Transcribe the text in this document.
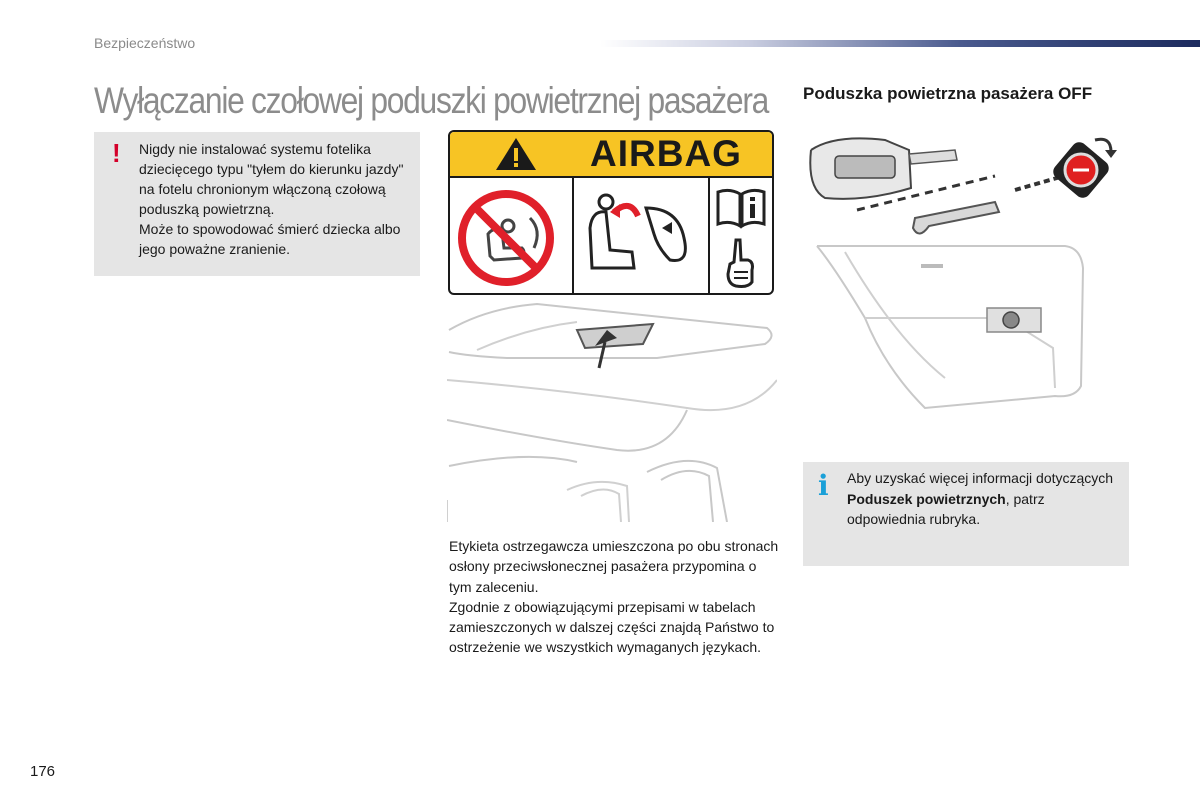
Bezpieczeństwo
Wyłączanie czołowej poduszki powietrznej pasażera Poduszka powietrzna pasażera OFF
! Nigdy nie instalować systemu fotelika dziecięcego typu "tyłem do kierunku jazdy" na fotelu chronionym włączoną czołową poduszką powietrzną.

Może to spowodować śmierć dziecka albo jego poważne zranienie.

AIRBAG

Etykieta ostrzegawcza umieszczona po obu stronach osłony przeciwsłonecznej pasażera przypomina o tym zaleceniu.

Zgodnie z obowiązującymi przepisami w tabelach zamieszczonych w dalszej części znajdą Państwo to ostrzeżenie we wszystkich wymaganych językach.

i Aby uzyskać więcej informacji dotyczących Poduszek powietrznych, patrz odpowiednia rubryka.
176
